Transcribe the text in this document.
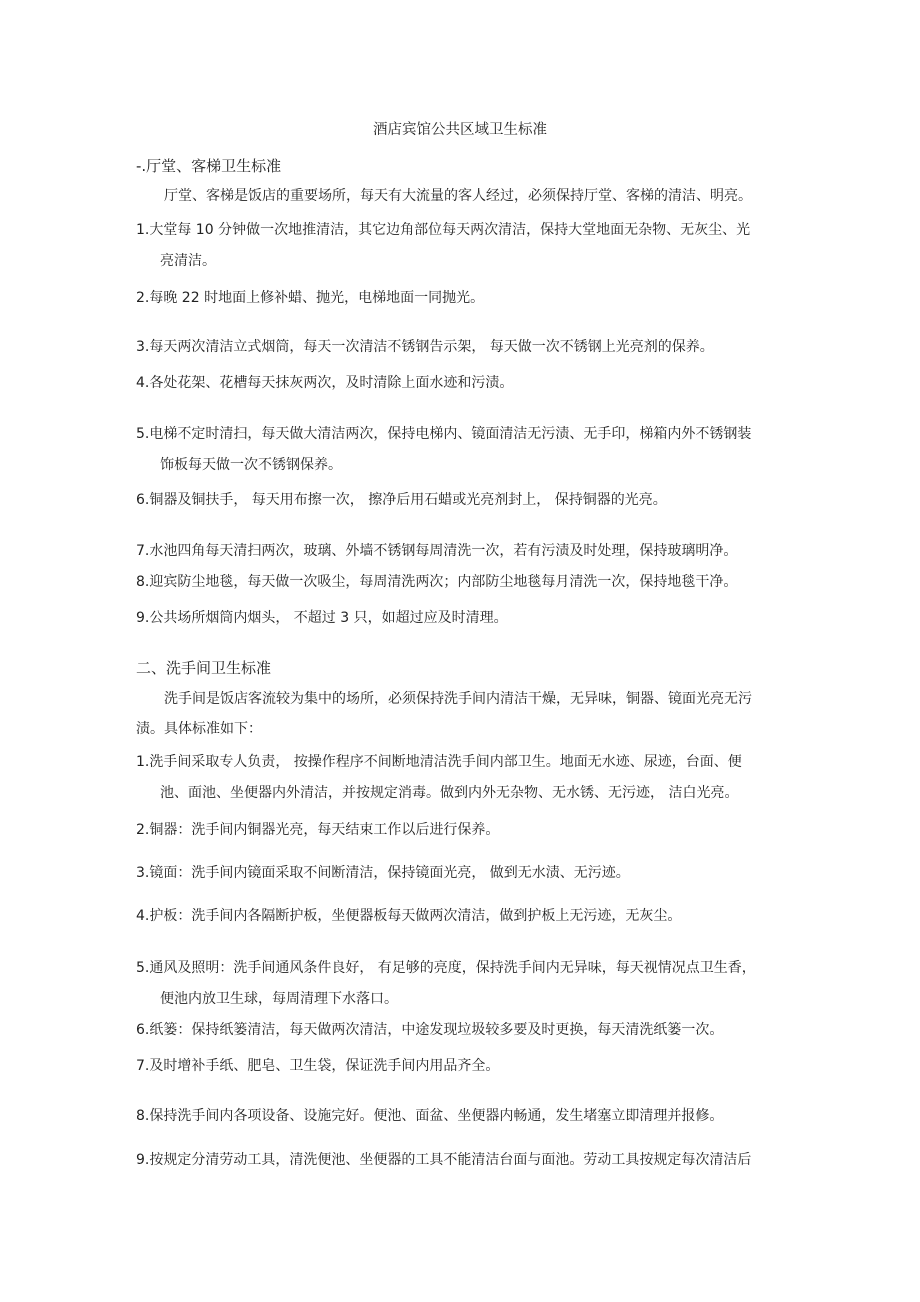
酒店宾馆公共区域卫生标准
-.厅堂、客梯卫生标准
厅堂、客梯是饭店的重要场所，每天有大流量的客人经过，必须保持厅堂、客梯的清洁、明亮。
1.大堂每 10 分钟做一次地推清洁，其它边角部位每天两次清洁，保持大堂地面无杂物、无灰尘、光
亮清洁。
2.每晚 22 时地面上修补蜡、抛光，电梯地面一同抛光。
3.每天两次清洁立式烟筒，每天一次清洁不锈钢告示架， 每天做一次不锈钢上光亮剂的保养。
4.各处花架、花槽每天抹灰两次，及时清除上面水迹和污渍。
5.电梯不定时清扫，每天做大清洁两次，保持电梯内、镜面清洁无污渍、无手印，梯箱内外不锈钢装
饰板每天做一次不锈钢保养。
6.铜器及铜扶手， 每天用布擦一次， 擦净后用石蜡或光亮剂封上， 保持铜器的光亮。
7.水池四角每天清扫两次，玻璃、外墙不锈钢每周清洗一次，若有污渍及时处理，保持玻璃明净。
8.迎宾防尘地毯，每天做一次吸尘，每周清洗两次；内部防尘地毯每月清洗一次，保持地毯干净。
9.公共场所烟筒内烟头， 不超过 3 只，如超过应及时清理。
二、洗手间卫生标准
洗手间是饭店客流较为集中的场所，必须保持洗手间内清洁干燥，无异味，铜器、镜面光亮无污
渍。具体标准如下：
1.洗手间采取专人负责， 按操作程序不间断地清洁洗手间内部卫生。地面无水迹、尿迹，台面、便
池、面池、坐便器内外清洁，并按规定消毒。做到内外无杂物、无水锈、无污迹， 洁白光亮。
2.铜器：洗手间内铜器光亮，每天结束工作以后进行保养。
3.镜面：洗手间内镜面采取不间断清洁，保持镜面光亮， 做到无水渍、无污迹。
4.护板：洗手间内各隔断护板，坐便器板每天做两次清洁，做到护板上无污迹，无灰尘。
5.通风及照明：洗手间通风条件良好， 有足够的亮度，保持洗手间内无异味，每天视情况点卫生香，
便池内放卫生球，每周清理下水落口。
6.纸篓：保持纸篓清洁，每天做两次清洁，中途发现垃圾较多要及时更换，每天清洗纸篓一次。
7.及时增补手纸、肥皂、卫生袋，保证洗手间内用品齐全。
8.保持洗手间内各项设备、设施完好。便池、面盆、坐便器内畅通，发生堵塞立即清理并报修。
9.按规定分清劳动工具，清洗便池、坐便器的工具不能清洁台面与面池。劳动工具按规定每次清洁后
